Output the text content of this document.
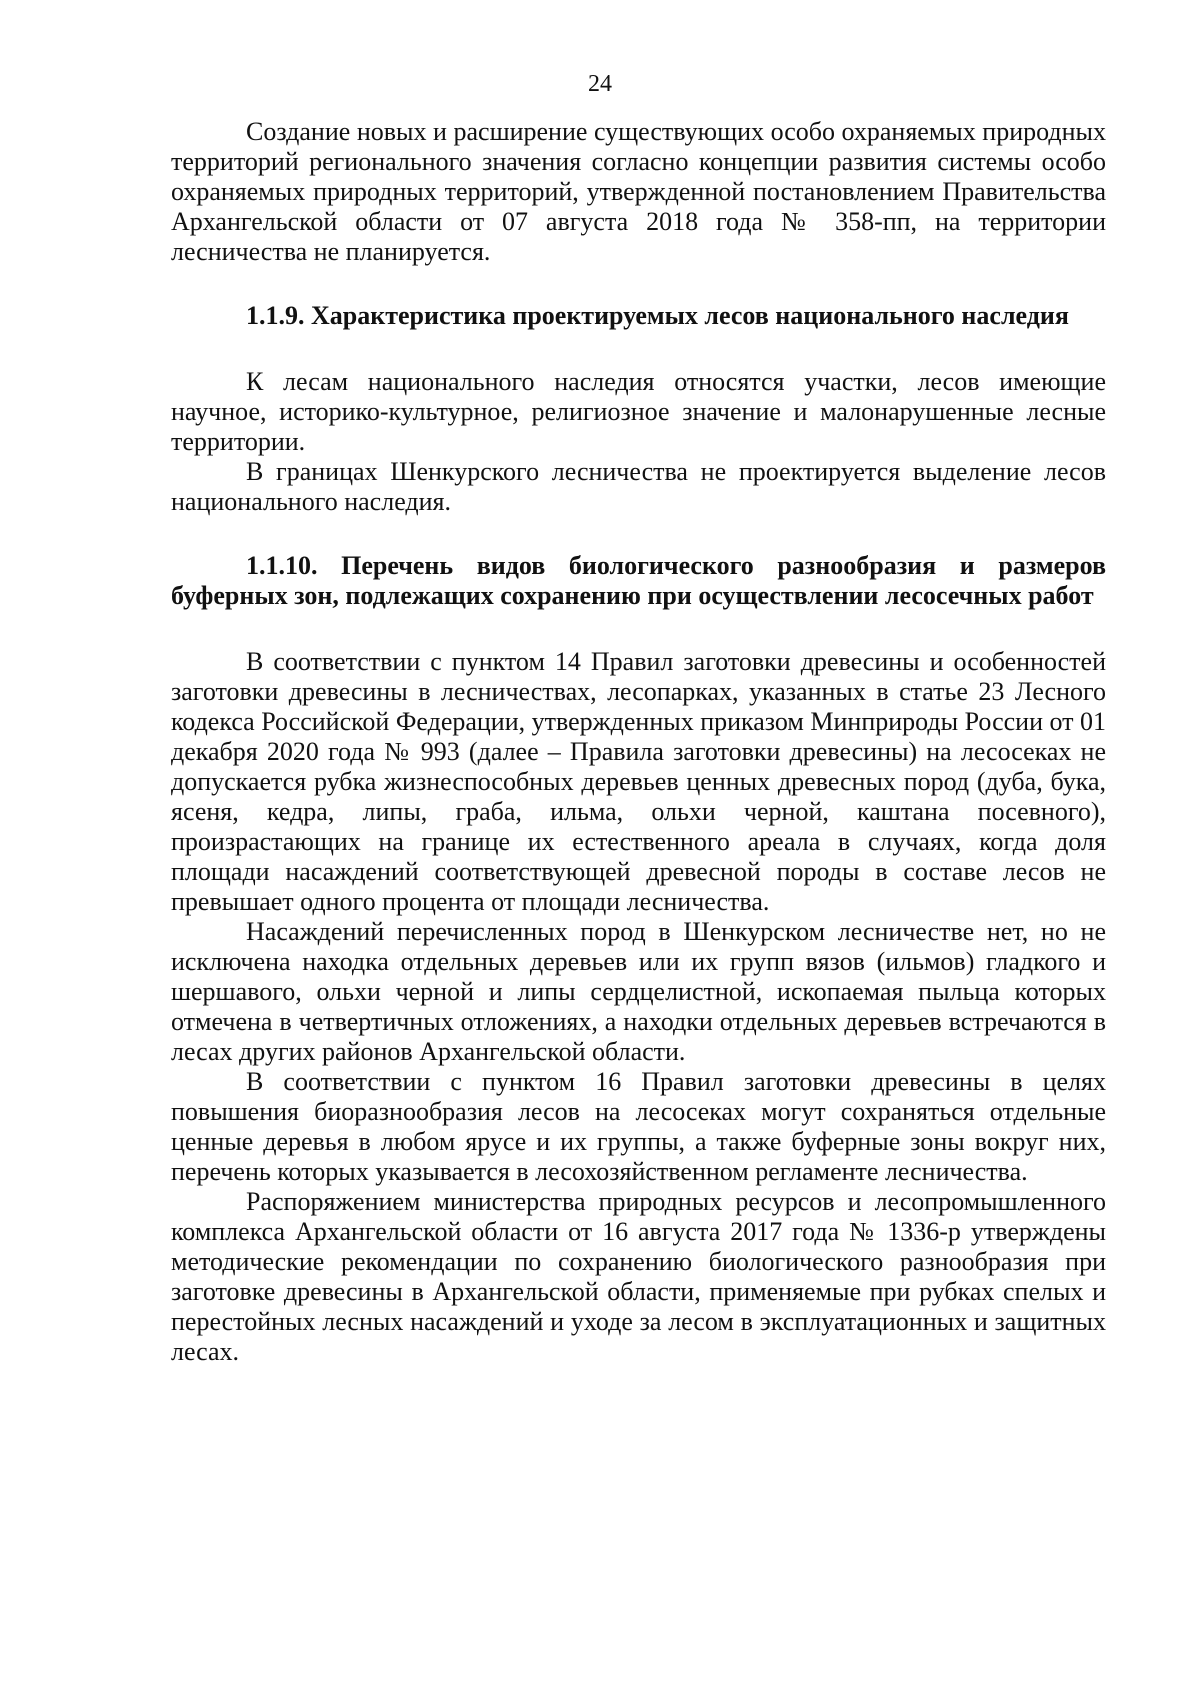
24

Создание новых и расширение существующих особо охраняемых природных территорий регионального значения согласно концепции развития системы особо охраняемых природных территорий, утвержденной постановлением Правительства Архангельской области от 07 августа 2018 года № 358-пп, на территории лесничества не планируется.

1.1.9. Характеристика проектируемых лесов национального наследия

К лесам национального наследия относятся участки, лесов имеющие научное, историко-культурное, религиозное значение и малонарушенные лесные территории.

В границах Шенкурского лесничества не проектируется выделение лесов национального наследия.

1.1.10. Перечень видов биологического разнообразия и размеров буферных зон, подлежащих сохранению при осуществлении лесосечных работ

В соответствии с пунктом 14 Правил заготовки древесины и особенностей заготовки древесины в лесничествах, лесопарках, указанных в статье 23 Лесного кодекса Российской Федерации, утвержденных приказом Минприроды России от 01 декабря 2020 года № 993 (далее – Правила заготовки древесины) на лесосеках не допускается рубка жизнеспособных деревьев ценных древесных пород (дуба, бука, ясеня, кедра, липы, граба, ильма, ольхи черной, каштана посевного), произрастающих на границе их естественного ареала в случаях, когда доля площади насаждений соответствующей древесной породы в составе лесов не превышает одного процента от площади лесничества.

Насаждений перечисленных пород в Шенкурском лесничестве нет, но не исключена находка отдельных деревьев или их групп вязов (ильмов) гладкого и шершавого, ольхи черной и липы сердцелистной, ископаемая пыльца которых отмечена в четвертичных отложениях, а находки отдельных деревьев встречаются в лесах других районов Архангельской области.

В соответствии с пунктом 16 Правил заготовки древесины в целях повышения биоразнообразия лесов на лесосеках могут сохраняться отдельные ценные деревья в любом ярусе и их группы, а также буферные зоны вокруг них, перечень которых указывается в лесохозяйственном регламенте лесничества.

Распоряжением министерства природных ресурсов и лесопромышленного комплекса Архангельской области от 16 августа 2017 года № 1336-р утверждены методические рекомендации по сохранению биологического разнообразия при заготовке древесины в Архангельской области, применяемые при рубках спелых и перестойных лесных насаждений и уходе за лесом в эксплуатационных и защитных лесах.
